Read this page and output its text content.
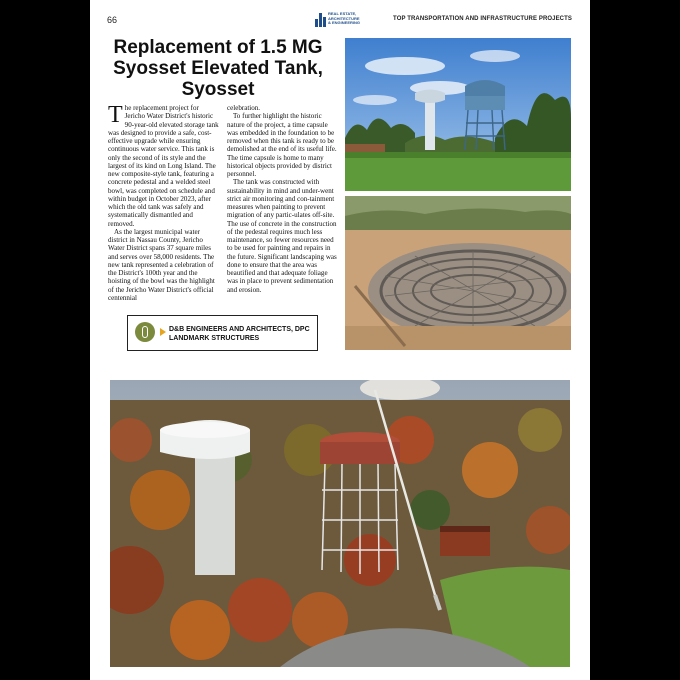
66
REAL ESTATE,
ARCHITECTURE
& ENGINEERING
TOP TRANSPORTATION AND INFRASTRUCTURE PROJECTS
Replacement of 1.5 MG
Syosset Elevated Tank,
Syosset

The replacement project for Jericho Water District's historic 90-year-old elevated storage tank was designed to provide a safe, cost-effective upgrade while ensuring continuous water service. This tank is only the second of its style and the largest of its kind on Long Island. The new composite-style tank, featuring a concrete pedestal and a welded steel bowl, was completed on schedule and within budget in October 2023, after which the old tank was safely and systematically dismantled and removed.

As the largest municipal water district in Nassau County, Jericho Water District spans 37 square miles and serves over 58,000 residents. The new tank represented a celebration of the District's 100th year and the hoisting of the bowl was the highlight of the Jericho Water District's official centennial

celebration.

To further highlight the historic nature of the project, a time capsule was embedded in the foundation to be removed when this tank is ready to be demolished at the end of its useful life. The time capsule is home to many historical objects provided by district personnel.

The tank was constructed with sustainability in mind and under-went strict air monitoring and con-tainment measures when painting to prevent migration of any partic-ulates off-site. The use of concrete in the construction of the pedestal requires much less maintenance, so fewer resources need to be used for painting and repairs in the future. Significant landscaping was done to ensure that the area was beautified and that adequate foliage was in place to prevent sedimentation and erosion.

D&B ENGINEERS AND ARCHITECTS, DPC
LANDMARK STRUCTURES
